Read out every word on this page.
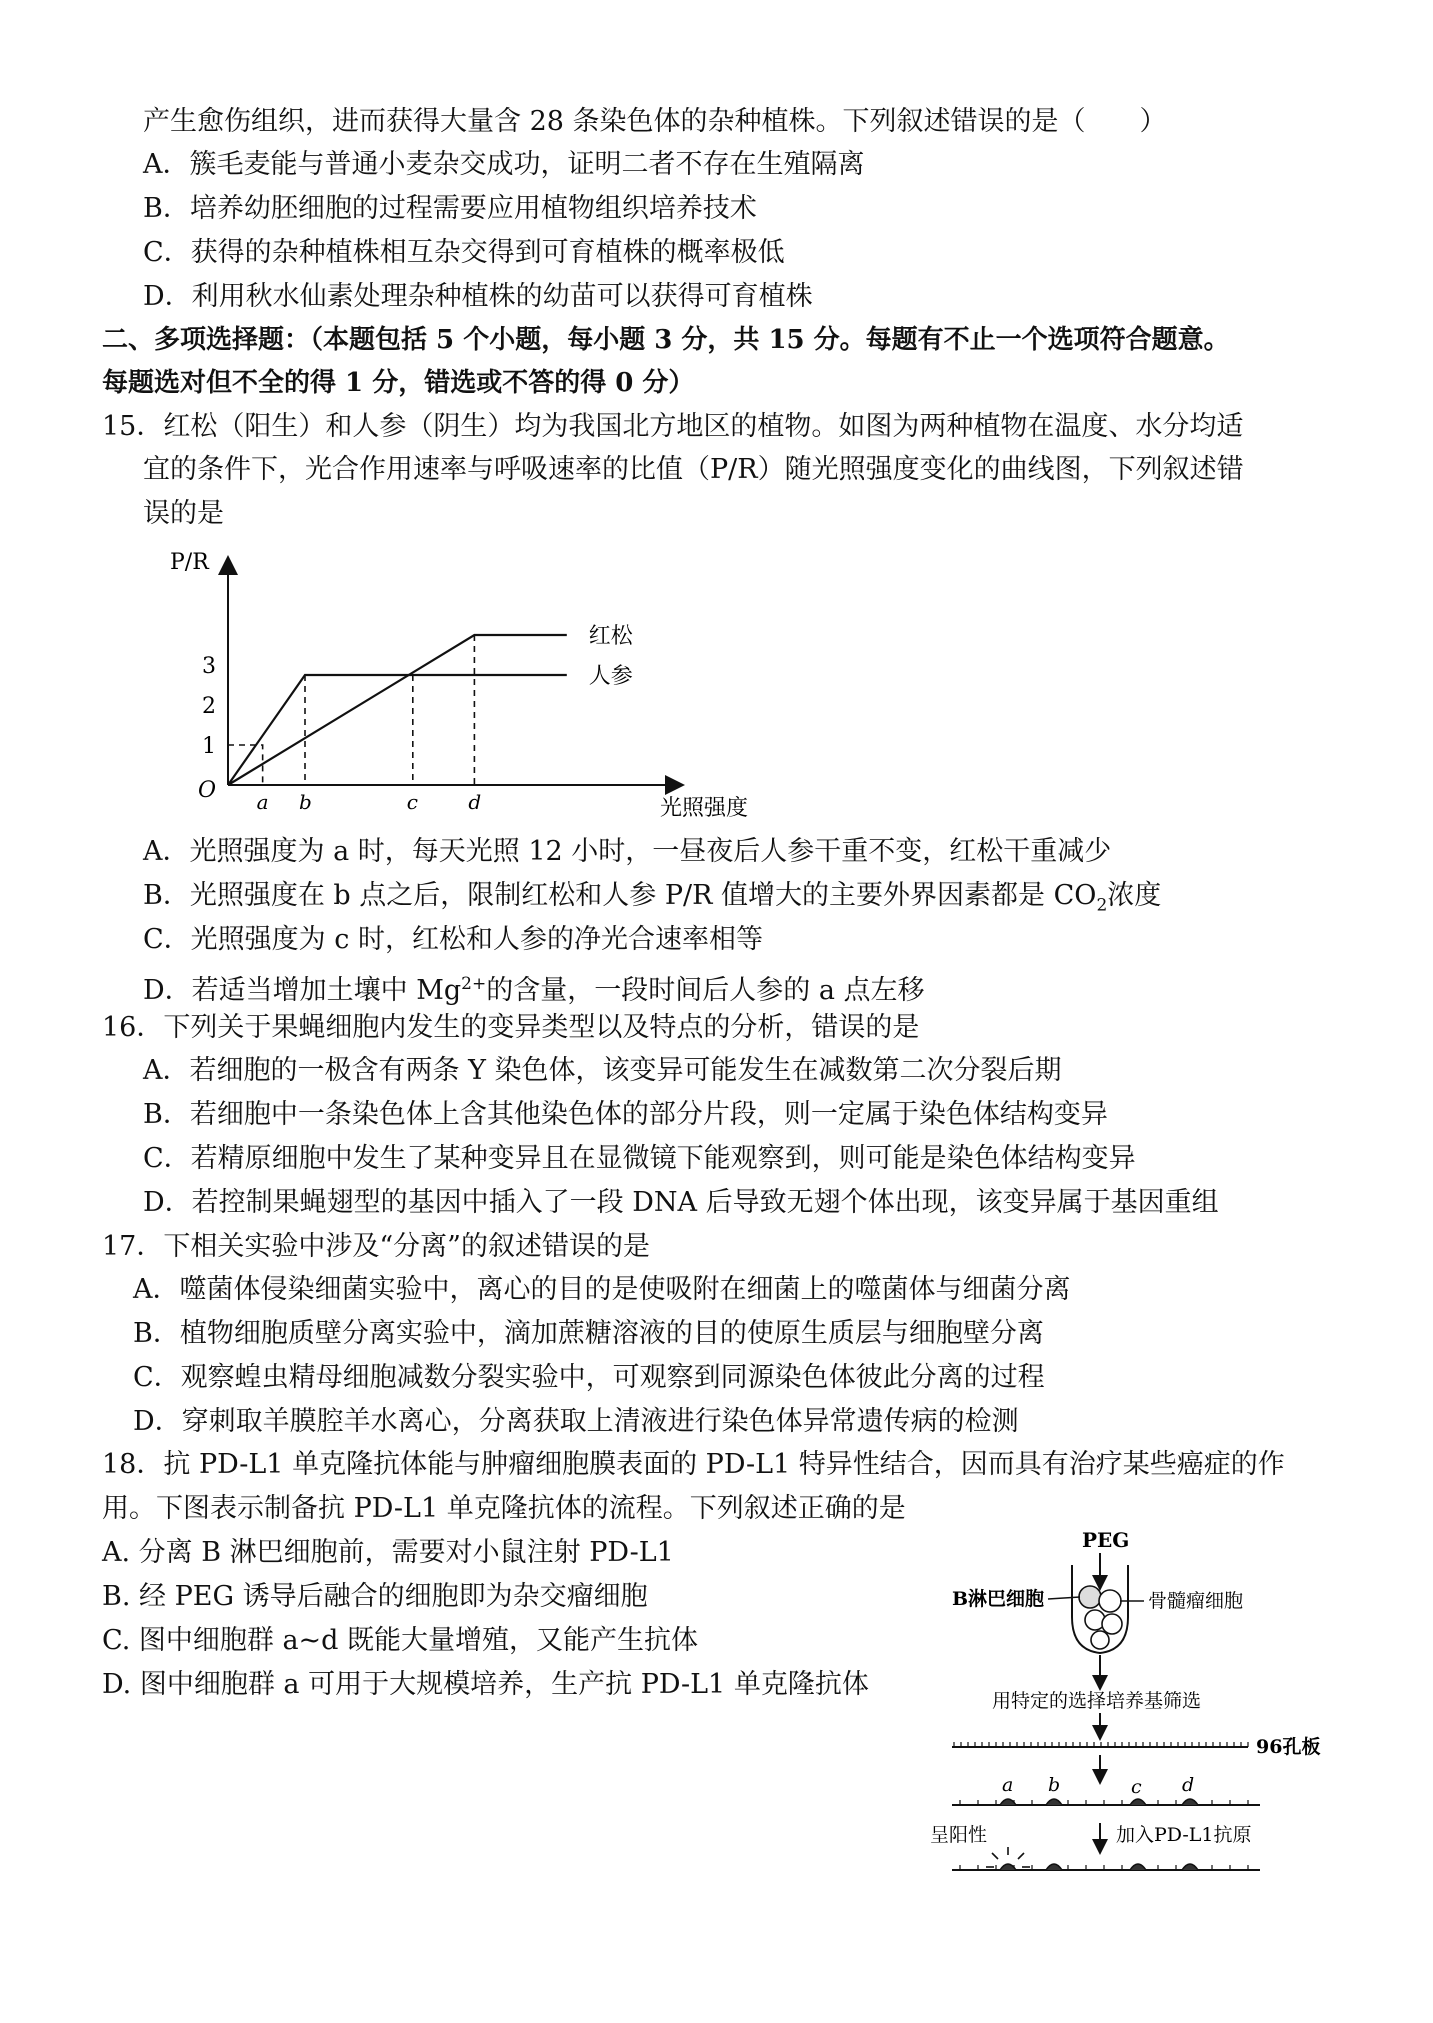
产生愈伤组织，进而获得大量含 28 条染色体的杂种植株。下列叙述错误的是（　　）
A．簇毛麦能与普通小麦杂交成功，证明二者不存在生殖隔离
B．培养幼胚细胞的过程需要应用植物组织培养技术
C．获得的杂种植株相互杂交得到可育植株的概率极低
D．利用秋水仙素处理杂种植株的幼苗可以获得可育植株
二、多项选择题：（本题包括 5 个小题，每小题 3 分，共 15 分。每题有不止一个选项符合题意。
每题选对但不全的得 1 分，错选或不答的得 0 分）
15．红松（阳生）和人参（阴生）均为我国北方地区的植物。如图为两种植物在温度、水分均适
宜的条件下，光合作用速率与呼吸速率的比值（P/R）随光照强度变化的曲线图，下列叙述错
误的是
P/R
光照强度
O
1
2
3
a b	c	d
红松
人参
A．光照强度为 a 时，每天光照 12 小时，一昼夜后人参干重不变，红松干重减少
B．光照强度在 b 点之后，限制红松和人参 P/R 值增大的主要外界因素都是 $CO_2$浓度
C．光照强度为 c 时，红松和人参的净光合速率相等
D．若适当增加土壤中 $Mg^{2+}$的含量，一段时间后人参的 a 点左移
16．下列关于果蝇细胞内发生的变异类型以及特点的分析，错误的是
A．若细胞的一极含有两条 Y 染色体，该变异可能发生在减数第二次分裂后期
B．若细胞中一条染色体上含其他染色体的部分片段，则一定属于染色体结构变异
C．若精原细胞中发生了某种变异且在显微镜下能观察到，则可能是染色体结构变异
D．若控制果蝇翅型的基因中插入了一段 DNA 后导致无翅个体出现，该变异属于基因重组
17．下相关实验中涉及“分离”的叙述错误的是
A．噬菌体侵染细菌实验中，离心的目的是使吸附在细菌上的噬菌体与细菌分离
B．植物细胞质壁分离实验中，滴加蔗糖溶液的目的使原生质层与细胞壁分离
C．观察蝗虫精母细胞减数分裂实验中，可观察到同源染色体彼此分离的过程
D．穿刺取羊膜腔羊水离心，分离获取上清液进行染色体异常遗传病的检测
18．抗 PD-L1 单克隆抗体能与肿瘤细胞膜表面的 PD-L1 特异性结合，因而具有治疗某些癌症的作
用。下图表示制备抗 PD-L1 单克隆抗体的流程。下列叙述正确的是
A. 分离 B 淋巴细胞前，需要对小鼠注射 PD-L1
B. 经 PEG 诱导后融合的细胞即为杂交瘤细胞
C. 图中细胞群 a~d 既能大量增殖，又能产生抗体
D. 图中细胞群 a 可用于大规模培养，生产抗 PD-L1 单克隆抗体
PEG
B淋巴细胞	骨髓瘤细胞
用特定的选择培养基筛选
96孔板
a b	c d
呈阳性	加入PD-L1抗原
